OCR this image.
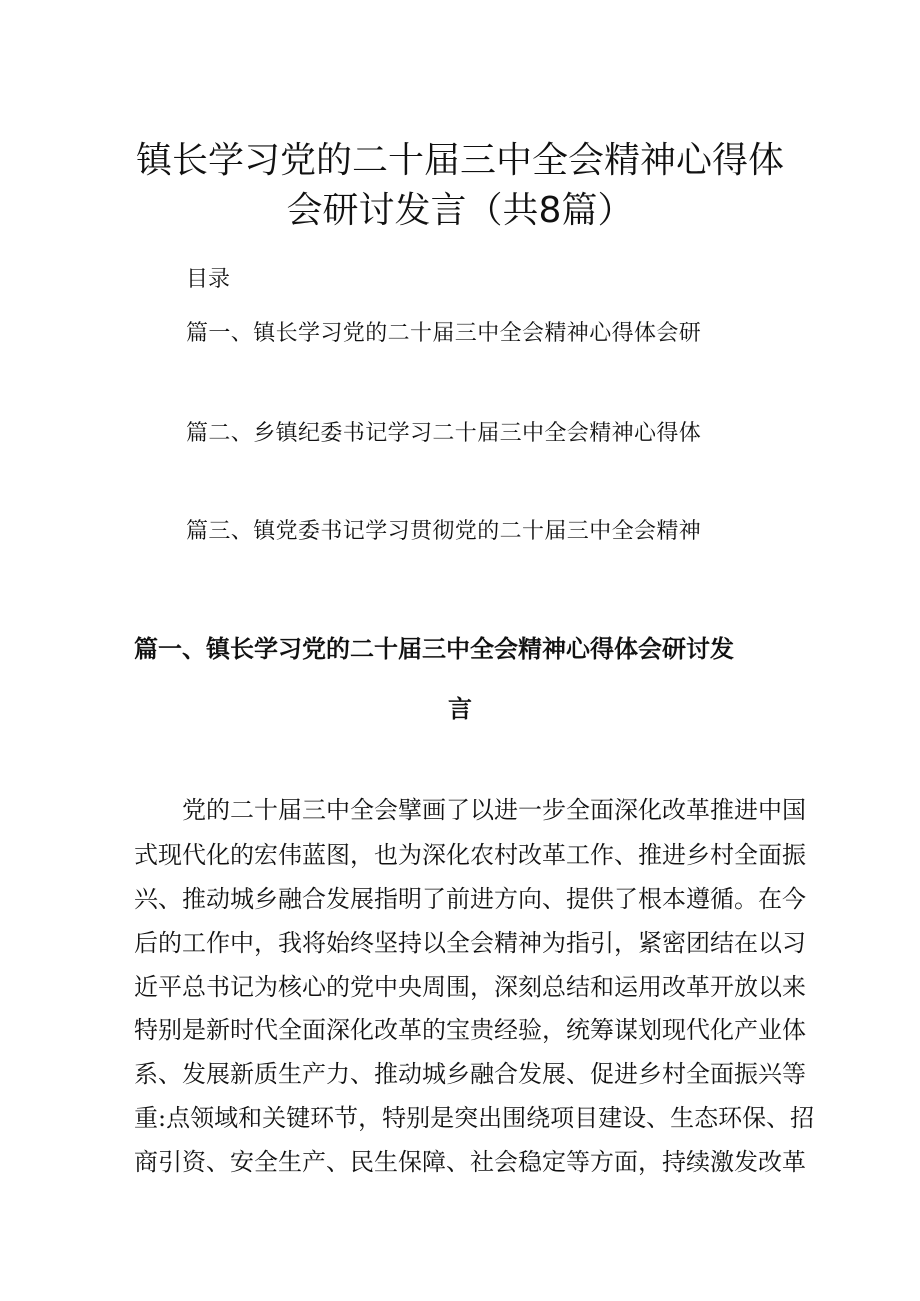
镇长学习党的二十届三中全会精神心得体
会研讨发言（共8篇）
目录
篇一、镇长学习党的二十届三中全会精神心得体会研
篇二、乡镇纪委书记学习二十届三中全会精神心得体
篇三、镇党委书记学习贯彻党的二十届三中全会精神
篇一、镇长学习党的二十届三中全会精神心得体会研讨发
言
　　党的二十届三中全会擘画了以进一步全面深化改革推进中国
式现代化的宏伟蓝图，也为深化农村改革工作、推进乡村全面振
兴、推动城乡融合发展指明了前进方向、提供了根本遵循。在今
后的工作中，我将始终坚持以全会精神为指引，紧密团结在以习
近平总书记为核心的党中央周围，深刻总结和运用改革开放以来
特别是新时代全面深化改革的宝贵经验，统筹谋划现代化产业体
系、发展新质生产力、推动城乡融合发展、促进乡村全面振兴等
重:点领域和关键环节，特别是突出围绕项目建设、生态环保、招
商引资、安全生产、民生保障、社会稳定等方面，持续激发改革
